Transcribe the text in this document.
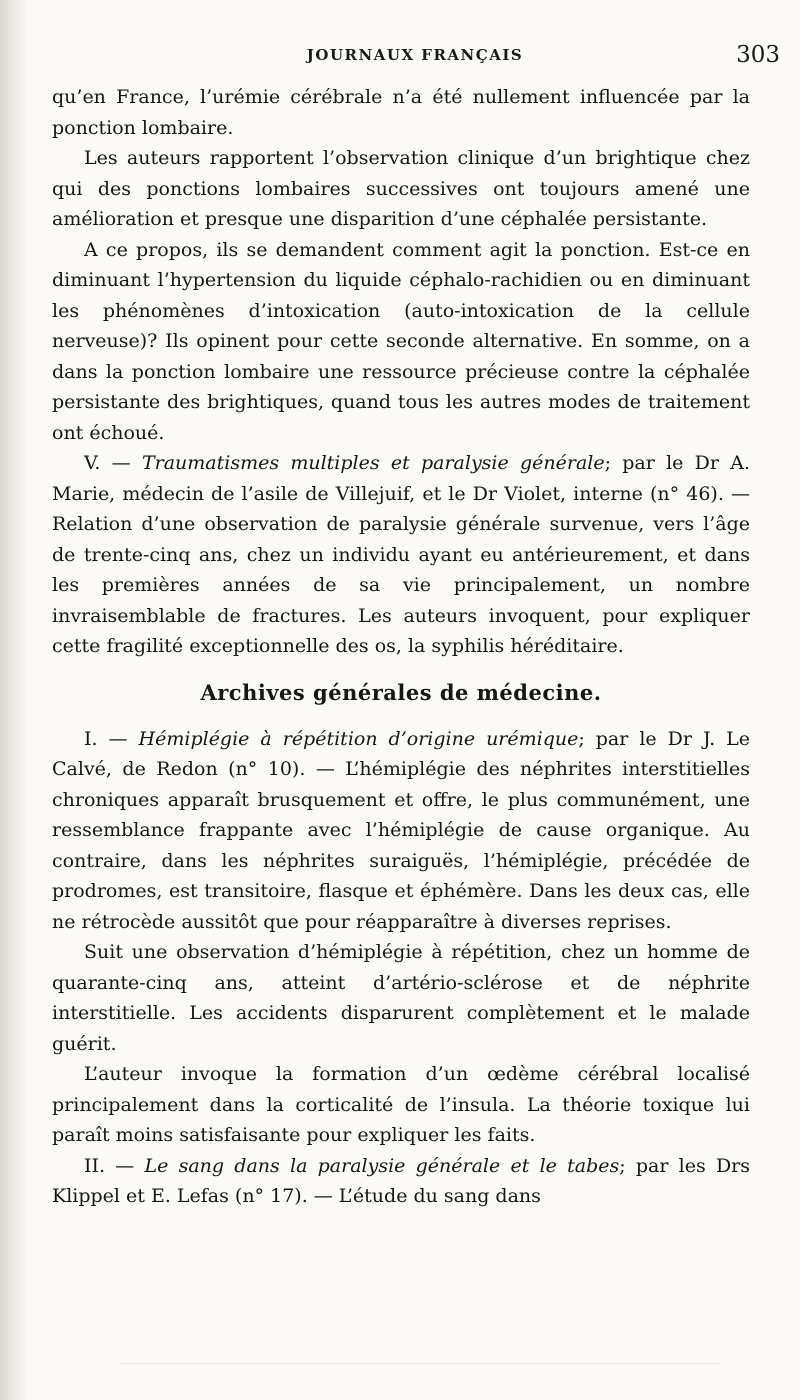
JOURNAUX FRANÇAIS	303

qu’en France, l’urémie cérébrale n’a été nullement influencée par la ponction lombaire.

Les auteurs rapportent l’observation clinique d’un brightique chez qui des ponctions lombaires successives ont toujours amené une amélioration et presque une disparition d’une céphalée persistante.

A ce propos, ils se demandent comment agit la ponction. Est-ce en diminuant l’hypertension du liquide céphalo-rachidien ou en diminuant les phénomènes d’intoxication (auto-intoxication de la cellule nerveuse)? Ils opinent pour cette seconde alternative. En somme, on a dans la ponction lombaire une ressource précieuse contre la céphalée persistante des brightiques, quand tous les autres modes de traitement ont échoué.

V. — Traumatismes multiples et paralysie générale; par le Dr A. Marie, médecin de l’asile de Villejuif, et le Dr Violet, interne (n° 46). — Relation d’une observation de paralysie générale survenue, vers l’âge de trente-cinq ans, chez un individu ayant eu antérieurement, et dans les premières années de sa vie principalement, un nombre invraisemblable de fractures. Les auteurs invoquent, pour expliquer cette fragilité exceptionnelle des os, la syphilis héréditaire.

Archives générales de médecine.

I. — Hémiplégie à répétition d’origine urémique; par le Dr J. Le Calvé, de Redon (n° 10). — L’hémiplégie des néphrites interstitielles chroniques apparaît brusquement et offre, le plus communément, une ressemblance frappante avec l’hémiplégie de cause organique. Au contraire, dans les néphrites suraiguës, l’hémiplégie, précédée de prodromes, est transitoire, flasque et éphémère. Dans les deux cas, elle ne rétrocède aussitôt que pour réapparaître à diverses reprises.

Suit une observation d’hémiplégie à répétition, chez un homme de quarante-cinq ans, atteint d’artério-sclérose et de néphrite interstitielle. Les accidents disparurent complètement et le malade guérit.

L’auteur invoque la formation d’un œdème cérébral localisé principalement dans la corticalité de l’insula. La théorie toxique lui paraît moins satisfaisante pour expliquer les faits.

II. — Le sang dans la paralysie générale et le tabes; par les Drs Klippel et E. Lefas (n° 17). — L’étude du sang dans
